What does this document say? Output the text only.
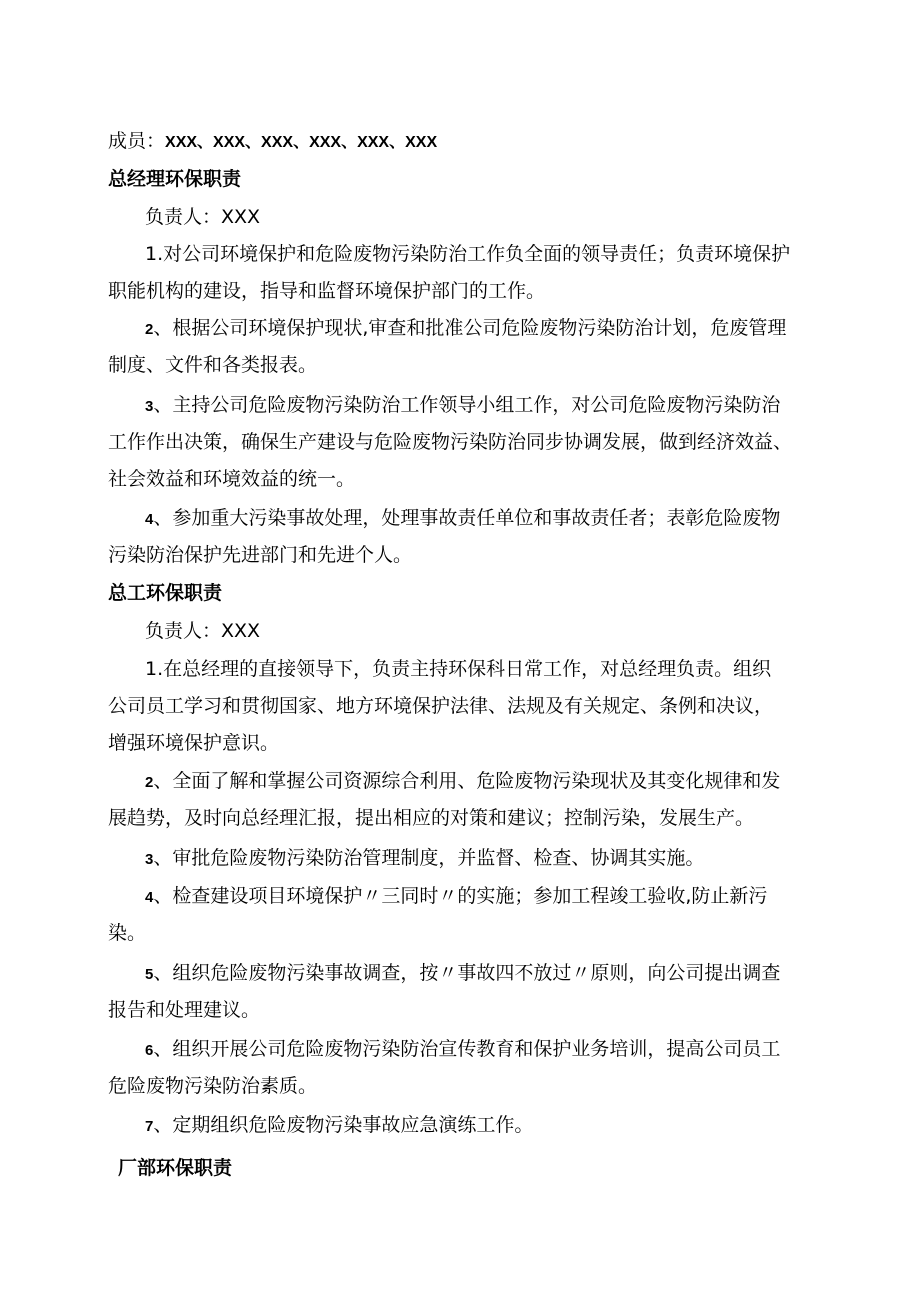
成员：XXX、XXX、XXX、XXX、XXX、XXX
总经理环保职责
负责人：XXX
1.对公司环境保护和危险废物污染防治工作负全面的领导责任；负责环境保护
职能机构的建设，指导和监督环境保护部门的工作。
2、根据公司环境保护现状,审查和批准公司危险废物污染防治计划，危废管理
制度、文件和各类报表。
3、主持公司危险废物污染防治工作领导小组工作，对公司危险废物污染防治
工作作出决策，确保生产建设与危险废物污染防治同步协调发展，做到经济效益、
社会效益和环境效益的统一。
4、参加重大污染事故处理，处理事故责任单位和事故责任者；表彰危险废物
污染防治保护先进部门和先进个人。
总工环保职责
负责人：XXX
1.在总经理的直接领导下，负责主持环保科日常工作，对总经理负责。组织
公司员工学习和贯彻国家、地方环境保护法律、法规及有关规定、条例和决议，
增强环境保护意识。
2、全面了解和掌握公司资源综合利用、危险废物污染现状及其变化规律和发
展趋势，及时向总经理汇报，提出相应的对策和建议；控制污染，发展生产。
3、审批危险废物污染防治管理制度，并监督、检查、协调其实施。
4、检查建设项目环境保护〃三同时〃的实施；参加工程竣工验收,防止新污
染。
5、组织危险废物污染事故调查，按〃事故四不放过〃原则，向公司提出调查
报告和处理建议。
6、组织开展公司危险废物污染防治宣传教育和保护业务培训，提高公司员工
危险废物污染防治素质。
7、定期组织危险废物污染事故应急演练工作。
厂部环保职责
